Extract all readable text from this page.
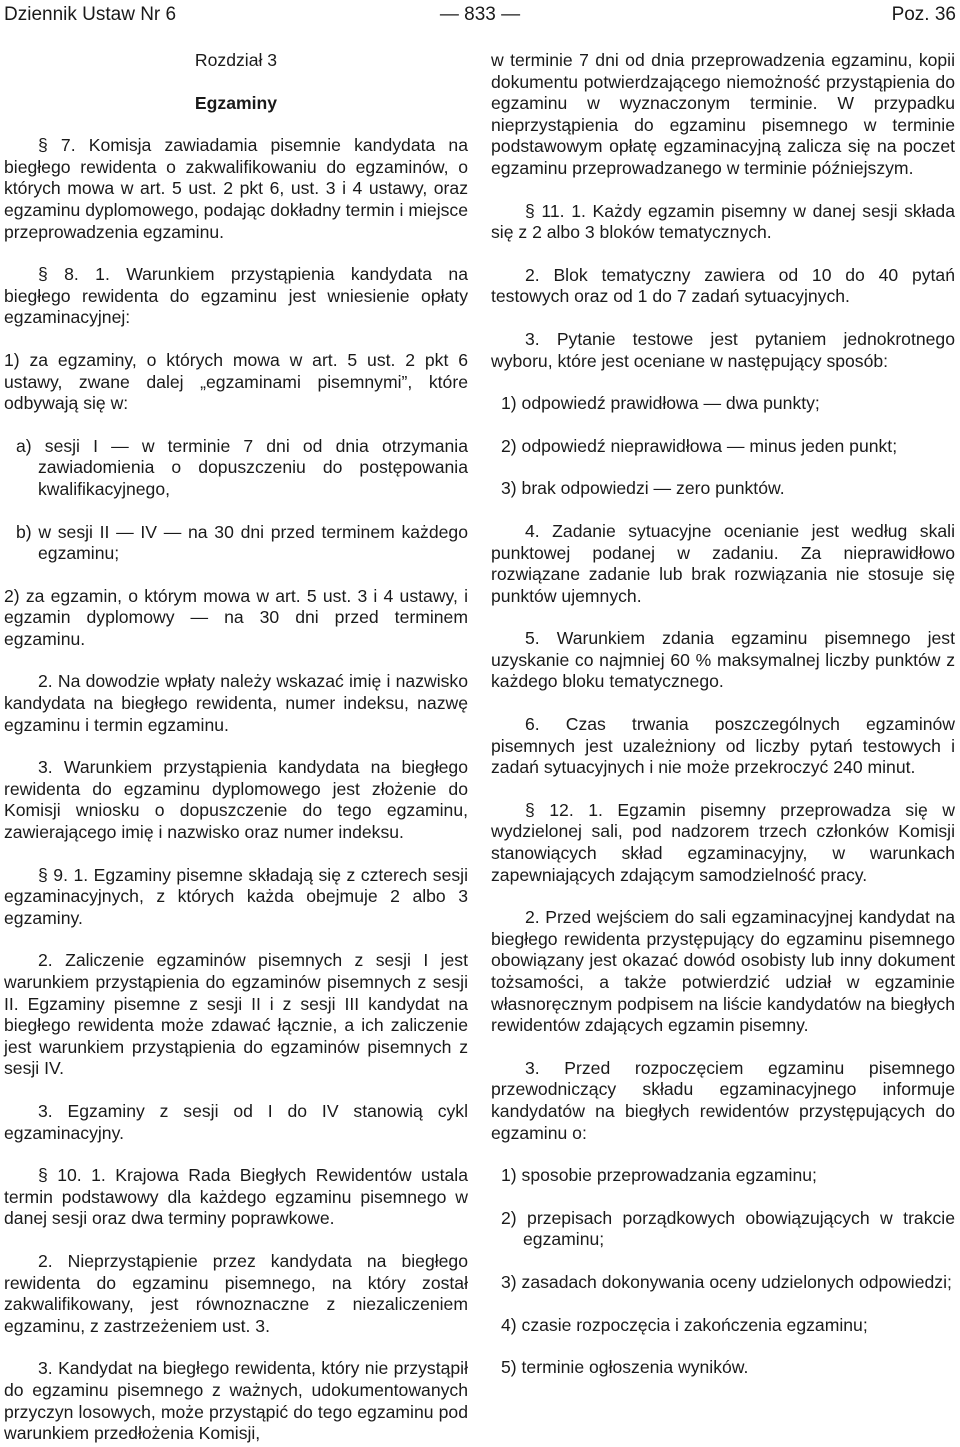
Dziennik Ustaw Nr 6	— 833 —	Poz. 36

Rozdział 3

Egzaminy

§ 7. Komisja zawiadamia pisemnie kandydata na biegłego rewidenta o zakwalifikowaniu do egzaminów, o których mowa w art. 5 ust. 2 pkt 6, ust. 3 i 4 ustawy, oraz egzaminu dyplomowego, podając dokładny termin i miejsce przeprowadzenia egzaminu.

§ 8. 1. Warunkiem przystąpienia kandydata na biegłego rewidenta do egzaminu jest wniesienie opłaty egzaminacyjnej:

1) za egzaminy, o których mowa w art. 5 ust. 2 pkt 6 ustawy, zwane dalej „egzaminami pisemnymi”, które odbywają się w:

a) sesji I — w terminie 7 dni od dnia otrzymania zawiadomienia o dopuszczeniu do postępowania kwalifikacyjnego,

b) w sesji II — IV — na 30 dni przed terminem każdego egzaminu;

2) za egzamin, o którym mowa w art. 5 ust. 3 i 4 ustawy, i egzamin dyplomowy — na 30 dni przed terminem egzaminu.

2. Na dowodzie wpłaty należy wskazać imię i nazwisko kandydata na biegłego rewidenta, numer indeksu, nazwę egzaminu i termin egzaminu.

3. Warunkiem przystąpienia kandydata na biegłego rewidenta do egzaminu dyplomowego jest złożenie do Komisji wniosku o dopuszczenie do tego egzaminu, zawierającego imię i nazwisko oraz numer indeksu.

§ 9. 1. Egzaminy pisemne składają się z czterech sesji egzaminacyjnych, z których każda obejmuje 2 albo 3 egzaminy.

2. Zaliczenie egzaminów pisemnych z sesji I jest warunkiem przystąpienia do egzaminów pisemnych z sesji II. Egzaminy pisemne z sesji II i z sesji III kandydat na biegłego rewidenta może zdawać łącznie, a ich zaliczenie jest warunkiem przystąpienia do egzaminów pisemnych z sesji IV.

3. Egzaminy z sesji od I do IV stanowią cykl egzaminacyjny.

§ 10. 1. Krajowa Rada Biegłych Rewidentów ustala termin podstawowy dla każdego egzaminu pisemnego w danej sesji oraz dwa terminy poprawkowe.

2. Nieprzystąpienie przez kandydata na biegłego rewidenta do egzaminu pisemnego, na który został zakwalifikowany, jest równoznaczne z niezaliczeniem egzaminu, z zastrzeżeniem ust. 3.

3. Kandydat na biegłego rewidenta, który nie przystąpił do egzaminu pisemnego z ważnych, udokumentowanych przyczyn losowych, może przystąpić do tego egzaminu pod warunkiem przedłożenia Komisji,

w terminie 7 dni od dnia przeprowadzenia egzaminu, kopii dokumentu potwierdzającego niemożność przystąpienia do egzaminu w wyznaczonym terminie. W przypadku nieprzystąpienia do egzaminu pisemnego w terminie podstawowym opłatę egzaminacyjną zalicza się na poczet egzaminu przeprowadzanego w terminie późniejszym.

§ 11. 1. Każdy egzamin pisemny w danej sesji składa się z 2 albo 3 bloków tematycznych.

2. Blok tematyczny zawiera od 10 do 40 pytań testowych oraz od 1 do 7 zadań sytuacyjnych.

3. Pytanie testowe jest pytaniem jednokrotnego wyboru, które jest oceniane w następujący sposób:

1) odpowiedź prawidłowa — dwa punkty;

2) odpowiedź nieprawidłowa — minus jeden punkt;

3) brak odpowiedzi — zero punktów.

4. Zadanie sytuacyjne ocenianie jest według skali punktowej podanej w zadaniu. Za nieprawidłowo rozwiązane zadanie lub brak rozwiązania nie stosuje się punktów ujemnych.

5. Warunkiem zdania egzaminu pisemnego jest uzyskanie co najmniej 60 % maksymalnej liczby punktów z każdego bloku tematycznego.

6. Czas trwania poszczególnych egzaminów pisemnych jest uzależniony od liczby pytań testowych i zadań sytuacyjnych i nie może przekroczyć 240 minut.

§ 12. 1. Egzamin pisemny przeprowadza się w wydzielonej sali, pod nadzorem trzech członków Komisji stanowiących skład egzaminacyjny, w warunkach zapewniających zdającym samodzielność pracy.

2. Przed wejściem do sali egzaminacyjnej kandydat na biegłego rewidenta przystępujący do egzaminu pisemnego obowiązany jest okazać dowód osobisty lub inny dokument tożsamości, a także potwierdzić udział w egzaminie własnoręcznym podpisem na liście kandydatów na biegłych rewidentów zdających egzamin pisemny.

3. Przed rozpoczęciem egzaminu pisemnego przewodniczący składu egzaminacyjnego informuje kandydatów na biegłych rewidentów przystępujących do egzaminu o:

1) sposobie przeprowadzania egzaminu;

2) przepisach porządkowych obowiązujących w trakcie egzaminu;

3) zasadach dokonywania oceny udzielonych odpowiedzi;

4) czasie rozpoczęcia i zakończenia egzaminu;

5) terminie ogłoszenia wyników.
